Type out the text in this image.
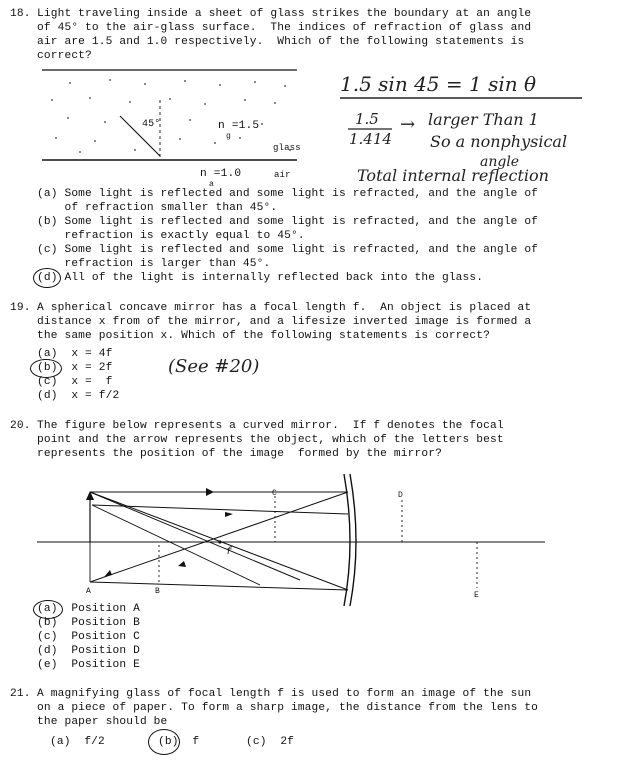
18. Light traveling inside a sheet of glass strikes the boundary at an angle
of 45° to the air-glass surface.  The indices of refraction of glass and
air are 1.5 and 1.0 respectively.  Which of the following statements is
correct?
45°	n =1.5
g
glass
n =1.0
a
air
1.5 sin 45 = 1 sin θ
1.5
1.414
→ larger Than 1
So a nonphysical
angle
Total internal reflection
(a) Some light is reflected and some light is refracted, and the angle of
of refraction smaller than 45°.
(b) Some light is reflected and some light is refracted, and the angle of
refraction is exactly equal to 45°.
(c) Some light is reflected and some light is refracted, and the angle of
refraction is larger than 45°.
(d) All of the light is internally reflected back into the glass.
19. A spherical concave mirror has a focal length f.  An object is placed at
distance x from of the mirror, and a lifesize inverted image is formed a
the same position x. Which of the following statements is correct?
(a)  x = 4f
(b)  x = 2f
(c)  x =  f
(d)  x = f/2
(See #20)
20. The figure below represents a curved mirror.  If f denotes the focal
point and the arrow represents the object, which of the letters best
represents the position of the image  formed by the mirror?
A	B
C	D
E
f
(a)  Position A
(b)  Position B
(c)  Position C
(d)  Position D
(e)  Position E
21. A magnifying glass of focal length f is used to form an image of the sun
on a piece of paper. To form a sharp image, the distance from the lens to
the paper should be
(a)  f/2	(b)  f	(c)  2f
